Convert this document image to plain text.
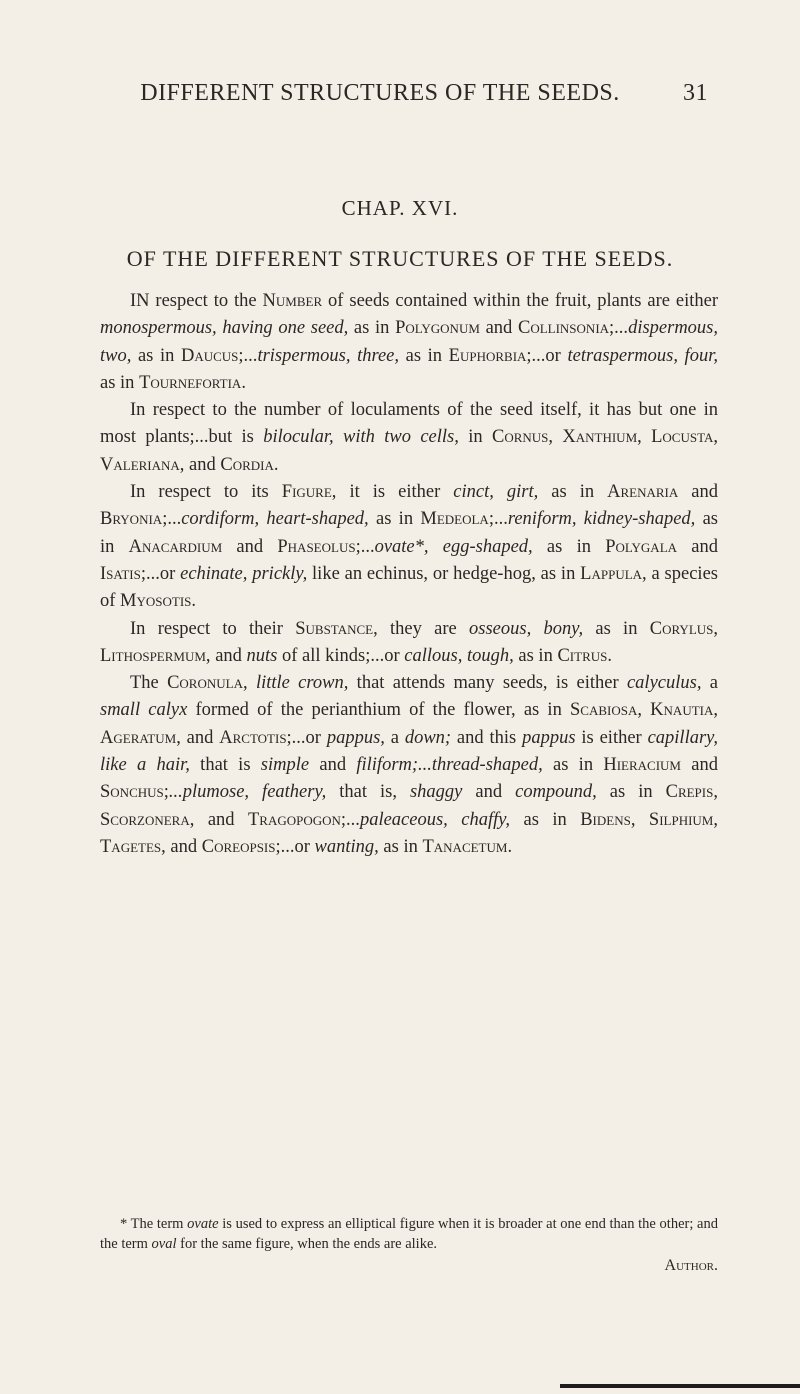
DIFFERENT STRUCTURES OF THE SEEDS.	31
CHAP. XVI.
OF THE DIFFERENT STRUCTURES OF THE SEEDS.

IN respect to the Number of seeds contained within the fruit, plants are either monospermous, having one seed, as in Polygonum and Collinsonia;...dispermous, two, as in Daucus;...trispermous, three, as in Euphorbia;...or tetraspermous, four, as in Tournefortia.

In respect to the number of loculaments of the seed itself, it has but one in most plants;...but is bilocular, with two cells, in Cornus, Xanthium, Locusta, Valeriana, and Cordia.

In respect to its Figure, it is either cinct, girt, as in Arenaria and Bryonia;...cordiform, heart-shaped, as in Medeola;...reniform, kidney-shaped, as in Anacardium and Phaseolus;...ovate*, egg-shaped, as in Polygala and Isatis;...or echinate, prickly, like an echinus, or hedge-hog, as in Lappula, a species of Myosotis.

In respect to their Substance, they are osseous, bony, as in Corylus, Lithospermum, and nuts of all kinds;...or callous, tough, as in Citrus.

The Coronula, little crown, that attends many seeds, is either calyculus, a small calyx formed of the perianthium of the flower, as in Scabiosa, Knautia, Ageratum, and Arctotis;...or pappus, a down; and this pappus is either capillary, like a hair, that is simple and filiform;...thread-shaped, as in Hieracium and Sonchus;...plumose, feathery, that is, shaggy and compound, as in Crepis, Scorzonera, and Tragopogon;...paleaceous, chaffy, as in Bidens, Silphium, Tagetes, and Coreopsis;...or wanting, as in Tanacetum.

* The term ovate is used to express an elliptical figure when it is broader at one end than the other; and the term oval for the same figure, when the ends are alike.

Author.
